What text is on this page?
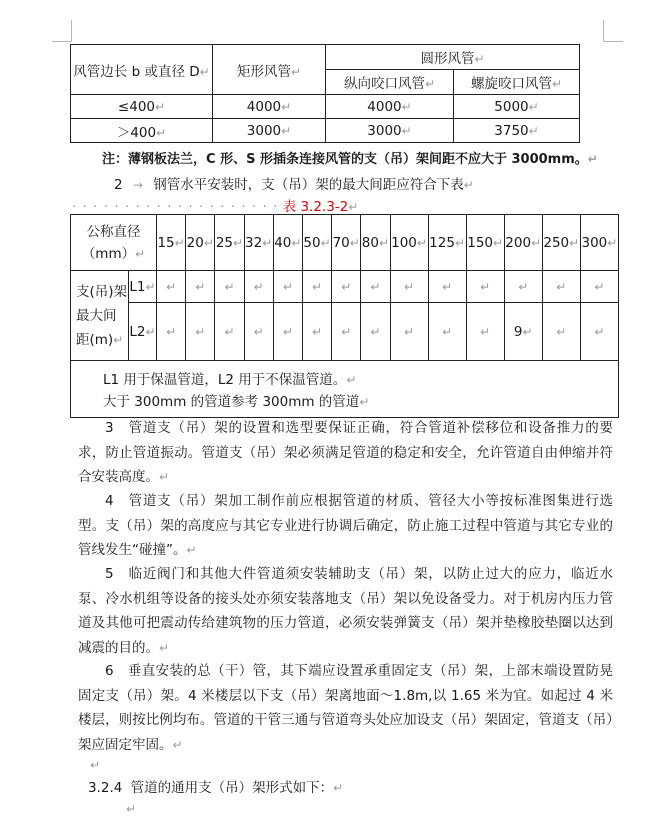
风管边长 b 或直径 D↵	矩形风管↵	圆形风管↵	
		纵向咬口风管↵	螺旋咬口风管↵
≤400↵	4000↵	4000↵	5000↵
＞400↵	3000↵	3000↵	3750↵
注：薄钢板法兰，C 形、S 形插条连接风管的支（吊）架间距不应大于 3000mm。↵
2 → 钢管水平安装时，支（吊）架的最大间距应符合下表↵
· · · · · · · · · · · · · · · · · · · · 表 3.2.3-2↵
公称直径（mm）↵		15↵	20↵	25↵	32↵	40↵	50↵	70↵	80↵	100↵	125↵	150↵	200↵	250↵	300↵
支(吊)架最大间距(m)↵	L1↵	↵	↵	↵	↵	↵	↵	↵	↵	↵	↵	↵	↵	↵	↵
	L2↵	↵	↵	↵	↵	↵	↵	↵	↵	↵	↵	↵	9↵	↵	↵

L1 用于保温管道，L2 用于不保温管道。↵
大于 300mm 的管道参考 300mm 的管道↵															
3　管道支（吊）架的设置和选型要保证正确，符合管道补偿移位和设备推力的要求，防止管道振动。管道支（吊）架必须满足管道的稳定和安全，允许管道自由伸缩并符合安装高度。↵
4　管道支（吊）架加工制作前应根据管道的材质、管径大小等按标准图集进行选型。支（吊）架的高度应与其它专业进行协调后确定，防止施工过程中管道与其它专业的管线发生“碰撞”。↵
5　临近阀门和其他大件管道须安装辅助支（吊）架，以防止过大的应力，临近水泵、冷水机组等设备的接头处亦须安装落地支（吊）架以免设备受力。对于机房内压力管道及其他可把震动传给建筑物的压力管道，必须安装弹簧支（吊）架并垫橡胶垫圈以达到减震的目的。↵
6　垂直安装的总（干）管，其下端应设置承重固定支（吊）架，上部末端设置防晃固定支（吊）架。4 米楼层以下支（吊）架离地面～1.8m,以 1.65 米为宜。如起过 4 米楼层，则按比例均布。管道的干管三通与管道弯头处应加设支（吊）架固定，管道支（吊）架应固定牢固。↵
↵
3.2.4 管道的通用支（吊）架形式如下：↵
↵
